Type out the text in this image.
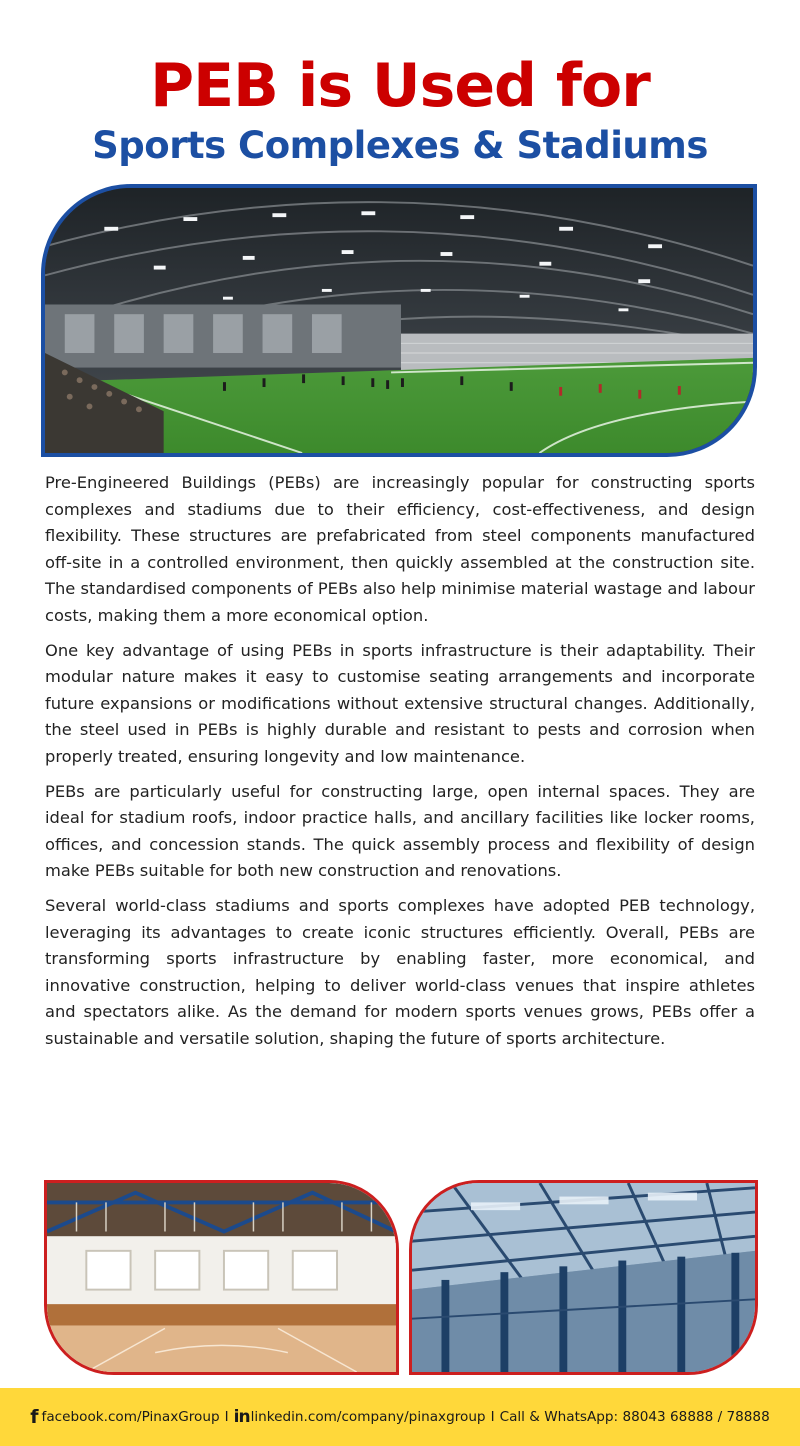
PEB is Used for
Sports Complexes & Stadiums

Pre-Engineered Buildings (PEBs) are increasingly popular for constructing sports complexes and stadiums due to their efficiency, cost-effectiveness, and design flexibility. These structures are prefabricated from steel components manufactured off-site in a controlled environment, then quickly assembled at the construction site. The standardised components of PEBs also help minimise material wastage and labour costs, making them a more economical option.

One key advantage of using PEBs in sports infrastructure is their adaptability. Their modular nature makes it easy to customise seating arrangements and incorporate future expansions or modifications without extensive structural changes. Additionally, the steel used in PEBs is highly durable and resistant to pests and corrosion when properly treated, ensuring longevity and low maintenance.

PEBs are particularly useful for constructing large, open internal spaces. They are ideal for stadium roofs, indoor practice halls, and ancillary facilities like locker rooms, offices, and concession stands. The quick assembly process and flexibility of design make PEBs suitable for both new construction and renovations.

Several world-class stadiums and sports complexes have adopted PEB technology, leveraging its advantages to create iconic structures efficiently. Overall, PEBs are transforming sports infrastructure by enabling faster, more economical, and innovative construction, helping to deliver world-class venues that inspire athletes and spectators alike. As the demand for modern sports venues grows, PEBs offer a sustainable and versatile solution, shaping the future of sports architecture.

f facebook.com/PinaxGroup I in linkedin.com/company/pinaxgroup I Call & WhatsApp: 88043 68888 / 78888
